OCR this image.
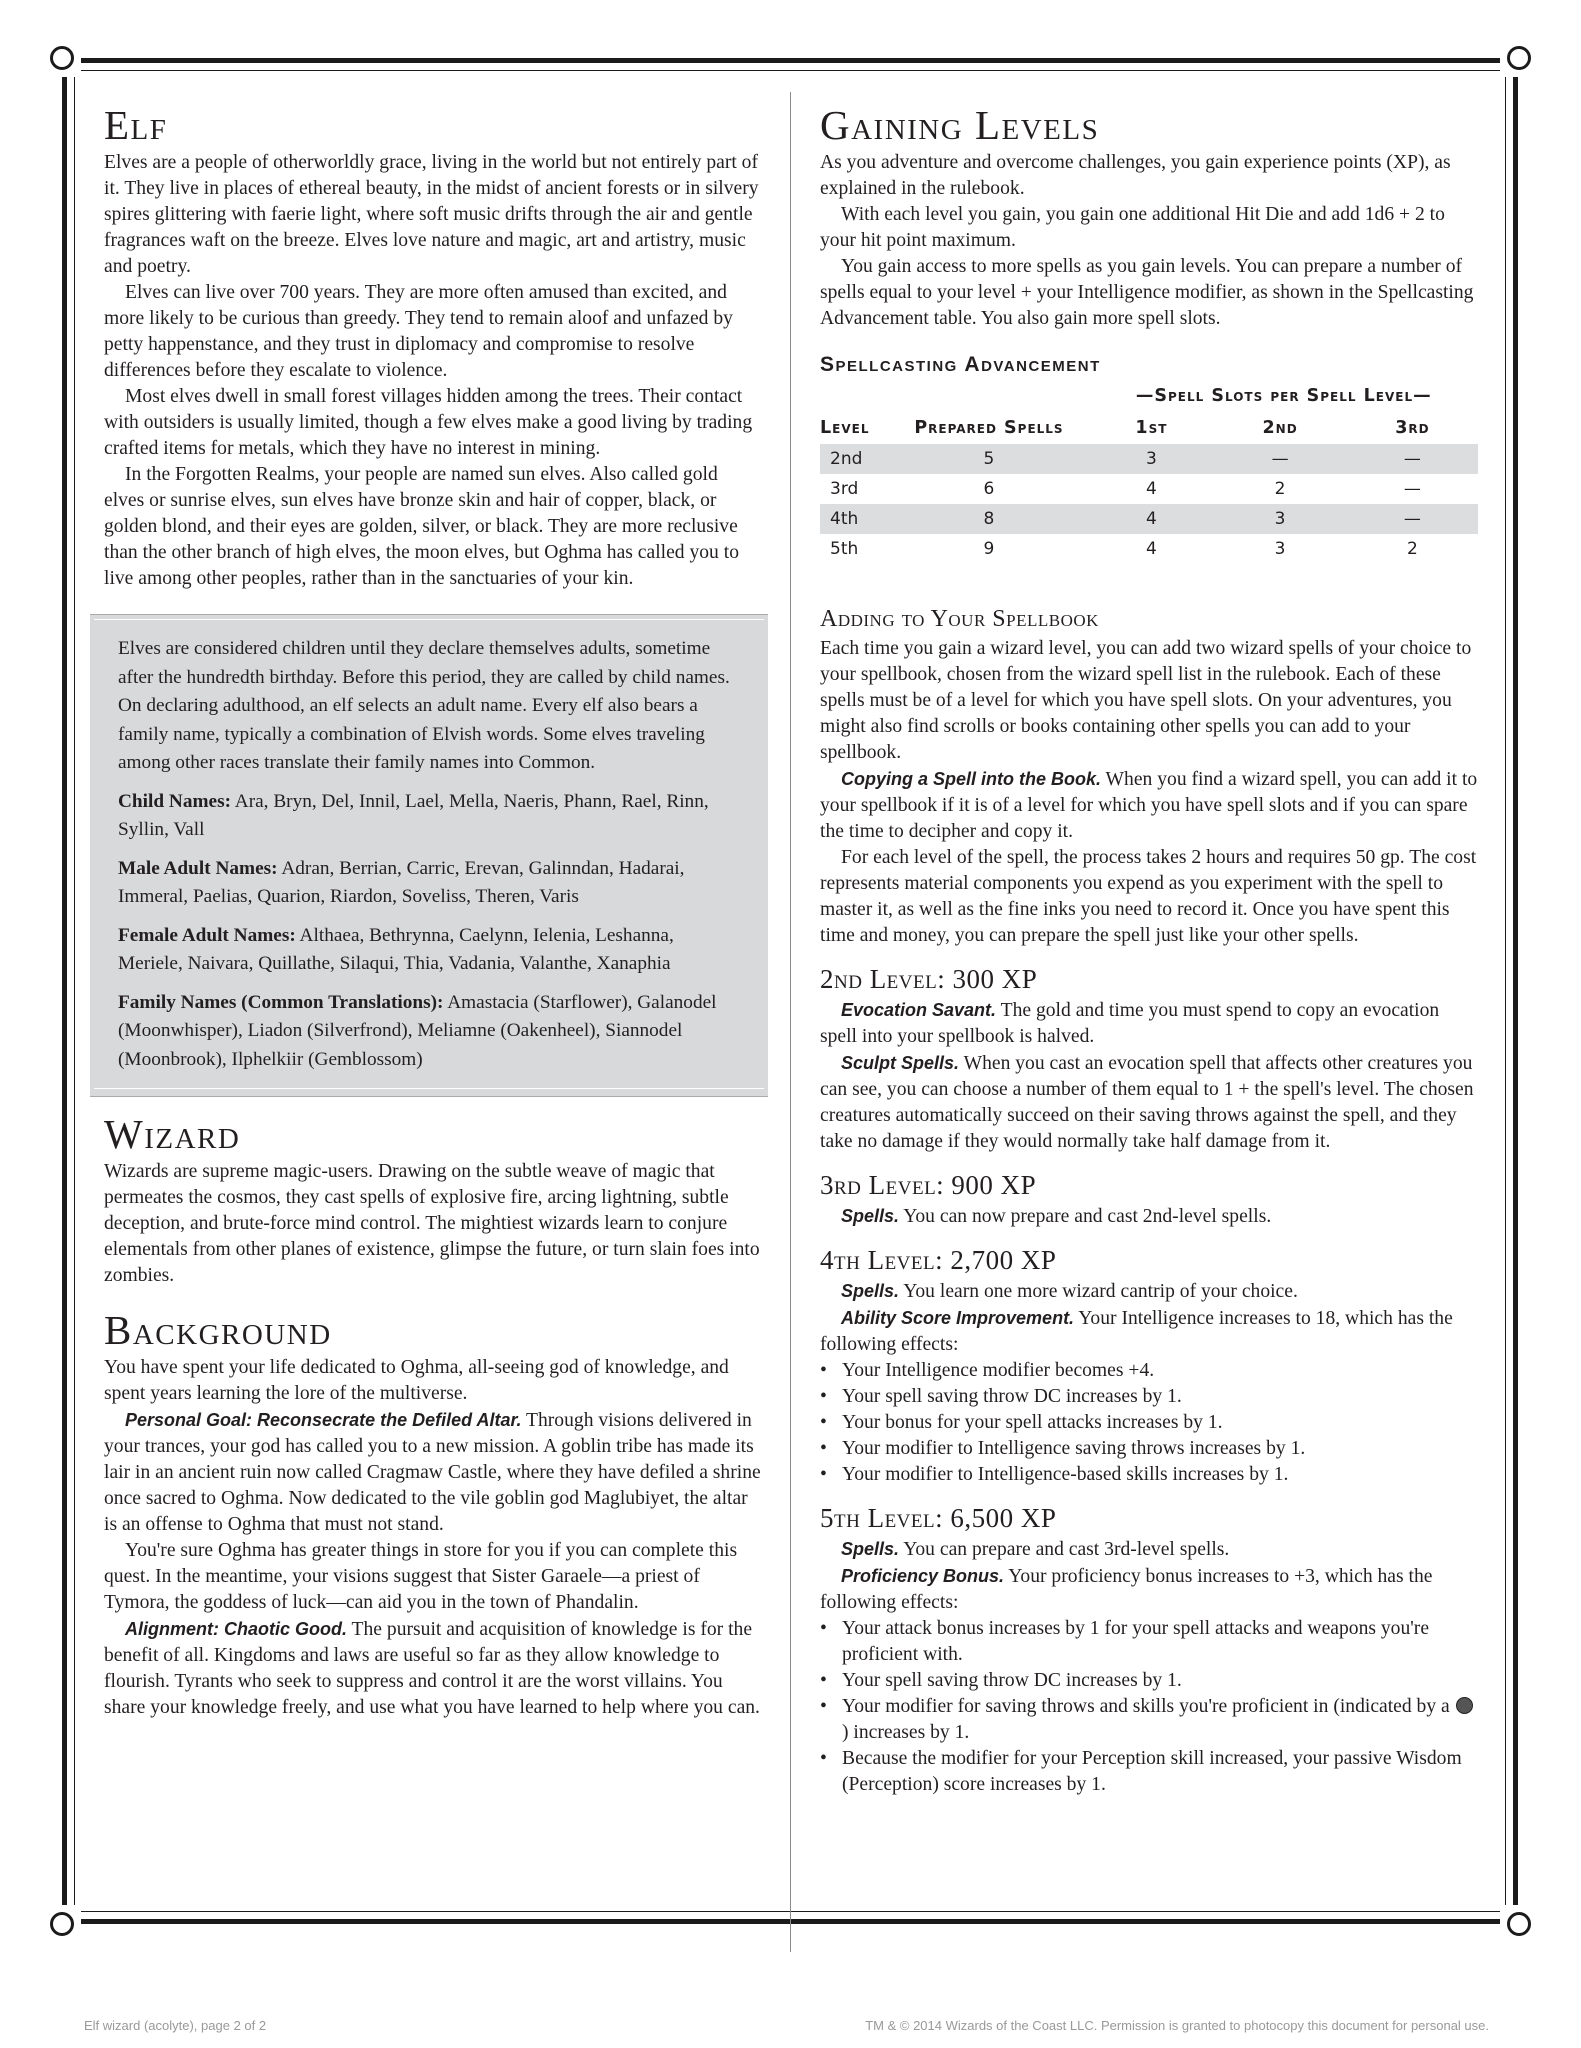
Elf

Elves are a people of otherworldly grace, living in the world but not entirely part of it. They live in places of ethereal beauty, in the midst of ancient forests or in silvery spires glittering with faerie light, where soft music drifts through the air and gentle fragrances waft on the breeze. Elves love nature and magic, art and artistry, music and poetry.

Elves can live over 700 years. They are more often amused than excited, and more likely to be curious than greedy. They tend to remain aloof and unfazed by petty happenstance, and they trust in diplomacy and compromise to resolve differences before they escalate to violence.

Most elves dwell in small forest villages hidden among the trees. Their contact with outsiders is usually limited, though a few elves make a good living by trading crafted items for metals, which they have no interest in mining.

In the Forgotten Realms, your people are named sun elves. Also called gold elves or sunrise elves, sun elves have bronze skin and hair of copper, black, or golden blond, and their eyes are golden, silver, or black. They are more reclusive than the other branch of high elves, the moon elves, but Oghma has called you to live among other peoples, rather than in the sanctuaries of your kin.

Elves are considered children until they declare themselves adults, sometime after the hundredth birthday. Before this period, they are called by child names. On declaring adulthood, an elf selects an adult name. Every elf also bears a family name, typically a combination of Elvish words. Some elves traveling among other races translate their family names into Common.

Child Names: Ara, Bryn, Del, Innil, Lael, Mella, Naeris, Phann, Rael, Rinn, Syllin, Vall

Male Adult Names: Adran, Berrian, Carric, Erevan, Galinndan, Hadarai, Immeral, Paelias, Quarion, Riardon, Soveliss, Theren, Varis

Female Adult Names: Althaea, Bethrynna, Caelynn, Ielenia, Leshanna, Meriele, Naivara, Quillathe, Silaqui, Thia, Vadania, Valanthe, Xanaphia

Family Names (Common Translations): Amastacia (Starflower), Galanodel (Moonwhisper), Liadon (Silverfrond), Meliamne (Oakenheel), Siannodel (Moonbrook), Ilphelkiir (Gemblossom)

Wizard

Wizards are supreme magic-users. Drawing on the subtle weave of magic that permeates the cosmos, they cast spells of explosive fire, arcing lightning, subtle deception, and brute-force mind control. The mightiest wizards learn to conjure elementals from other planes of existence, glimpse the future, or turn slain foes into zombies.

Background

You have spent your life dedicated to Oghma, all-seeing god of knowledge, and spent years learning the lore of the multiverse.

Personal Goal: Reconsecrate the Defiled Altar. Through visions delivered in your trances, your god has called you to a new mission. A goblin tribe has made its lair in an ancient ruin now called Cragmaw Castle, where they have defiled a shrine once sacred to Oghma. Now dedicated to the vile goblin god Maglubiyet, the altar is an offense to Oghma that must not stand.

You're sure Oghma has greater things in store for you if you can complete this quest. In the meantime, your visions suggest that Sister Garaele—a priest of Tymora, the goddess of luck—can aid you in the town of Phandalin.

Alignment: Chaotic Good. The pursuit and acquisition of knowledge is for the benefit of all. Kingdoms and laws are useful so far as they allow knowledge to flourish. Tyrants who seek to suppress and control it are the worst villains. You share your knowledge freely, and use what you have learned to help where you can.

Gaining Levels

As you adventure and overcome challenges, you gain experience points (XP), as explained in the rulebook.

With each level you gain, you gain one additional Hit Die and add 1d6 + 2 to your hit point maximum.

You gain access to more spells as you gain levels. You can prepare a number of spells equal to your level + your Intelligence modifier, as shown in the Spellcasting Advancement table. You also gain more spell slots.

Spellcasting Advancement
		—Spell Slots per Spell Level—		
Level	Prepared Spells	1st	2nd	3rd
2nd	5	3	—	—
3rd	6	4	2	—
4th	8	4	3	—
5th	9	4	3	2
Adding to Your Spellbook

Each time you gain a wizard level, you can add two wizard spells of your choice to your spellbook, chosen from the wizard spell list in the rulebook. Each of these spells must be of a level for which you have spell slots. On your adventures, you might also find scrolls or books containing other spells you can add to your spellbook.

Copying a Spell into the Book. When you find a wizard spell, you can add it to your spellbook if it is of a level for which you have spell slots and if you can spare the time to decipher and copy it.

For each level of the spell, the process takes 2 hours and requires 50 gp. The cost represents material components you expend as you experiment with the spell to master it, as well as the fine inks you need to record it. Once you have spent this time and money, you can prepare the spell just like your other spells.

2nd Level: 300 XP

Evocation Savant. The gold and time you must spend to copy an evocation spell into your spellbook is halved.

Sculpt Spells. When you cast an evocation spell that affects other creatures you can see, you can choose a number of them equal to 1 + the spell's level. The chosen creatures automatically succeed on their saving throws against the spell, and they take no damage if they would normally take half damage from it.

3rd Level: 900 XP

Spells. You can now prepare and cast 2nd-level spells.

4th Level: 2,700 XP

Spells. You learn one more wizard cantrip of your choice.

Ability Score Improvement. Your Intelligence increases to 18, which has the following effects:

• Your Intelligence modifier becomes +4.
• Your spell saving throw DC increases by 1.
• Your bonus for your spell attacks increases by 1.
• Your modifier to Intelligence saving throws increases by 1.
• Your modifier to Intelligence-based skills increases by 1.
5th Level: 6,500 XP

Spells. You can prepare and cast 3rd-level spells.

Proficiency Bonus. Your proficiency bonus increases to +3, which has the following effects:

• Your attack bonus increases by 1 for your spell attacks and weapons you're proficient with.
• Your spell saving throw DC increases by 1.
• Your modifier for saving throws and skills you're proficient in (indicated by a ) increases by 1.
• Because the modifier for your Perception skill increased, your passive Wisdom (Perception) score increases by 1.
Elf wizard (acolyte), page 2 of 2	TM & © 2014 Wizards of the Coast LLC. Permission is granted to photocopy this document for personal use.
